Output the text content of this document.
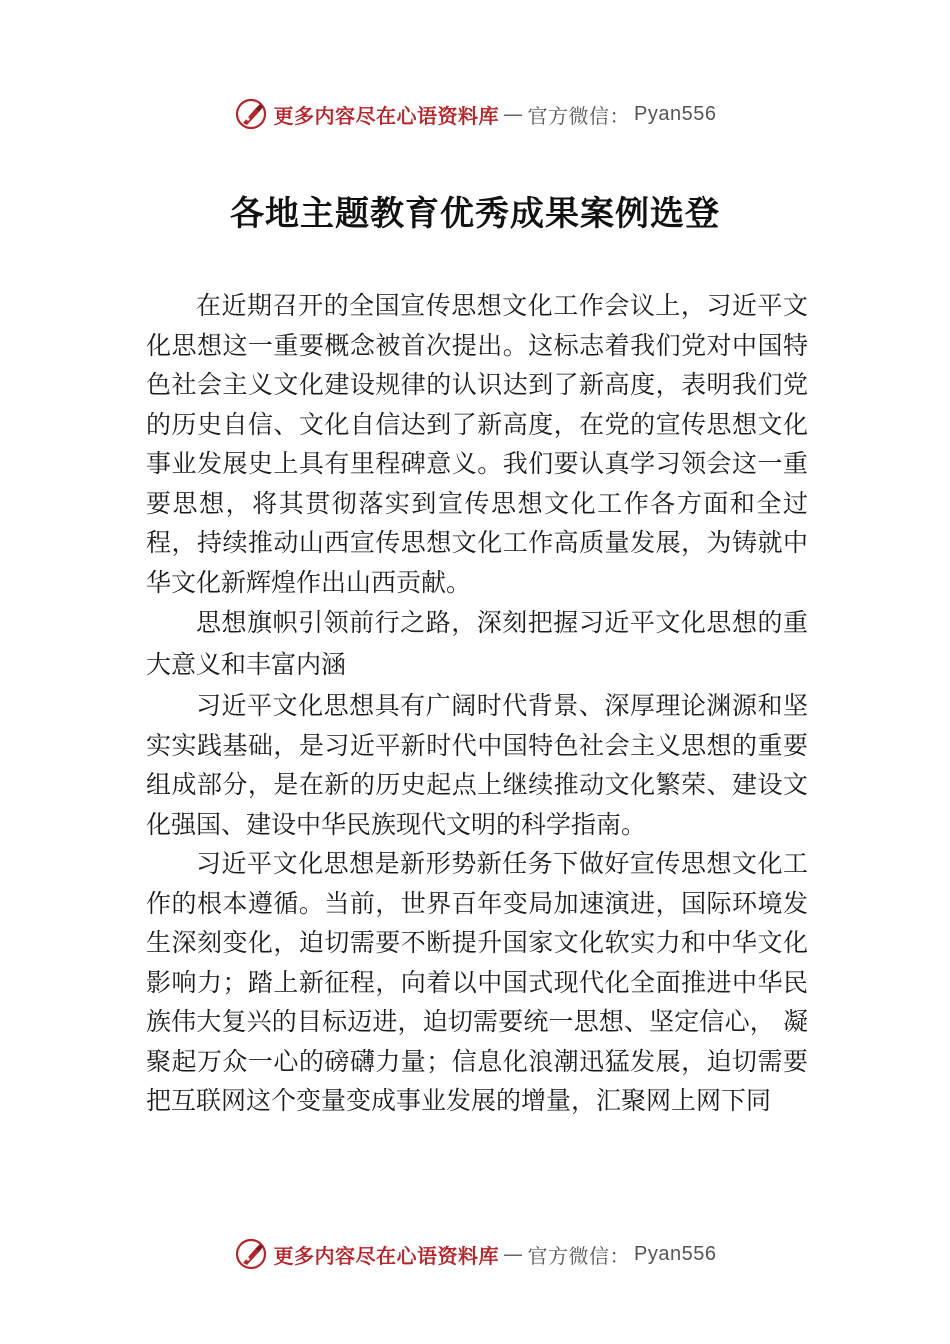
更多内容尽在心语资料库 — 官方微信： Pyan556
各地主题教育优秀成果案例选登

在近期召开的全国宣传思想文化工作会议上，习近平文化思想这一重要概念被首次提出。这标志着我们党对中国特色社会主义文化建设规律的认识达到了新高度，表明我们党的历史自信、文化自信达到了新高度，在党的宣传思想文化事业发展史上具有里程碑意义。我们要认真学习领会这一重要思想，将其贯彻落实到宣传思想文化工作各方面和全过程，持续推动山西宣传思想文化工作高质量发展，为铸就中华文化新辉煌作出山西贡献。

思想旗帜引领前行之路，深刻把握习近平文化思想的重大意义和丰富内涵

习近平文化思想具有广阔时代背景、深厚理论渊源和坚实实践基础，是习近平新时代中国特色社会主义思想的重要组成部分，是在新的历史起点上继续推动文化繁荣、建设文化强国、建设中华民族现代文明的科学指南。

习近平文化思想是新形势新任务下做好宣传思想文化工作的根本遵循。当前，世界百年变局加速演进，国际环境发生深刻变化，迫切需要不断提升国家文化软实力和中华文化影响力；踏上新征程，向着以中国式现代化全面推进中华民族伟大复兴的目标迈进，迫切需要统一思想、坚定信心， 凝聚起万众一心的磅礴力量；信息化浪潮迅猛发展，迫切需要把互联网这个变量变成事业发展的增量，汇聚网上网下同

更多内容尽在心语资料库 — 官方微信： Pyan556
